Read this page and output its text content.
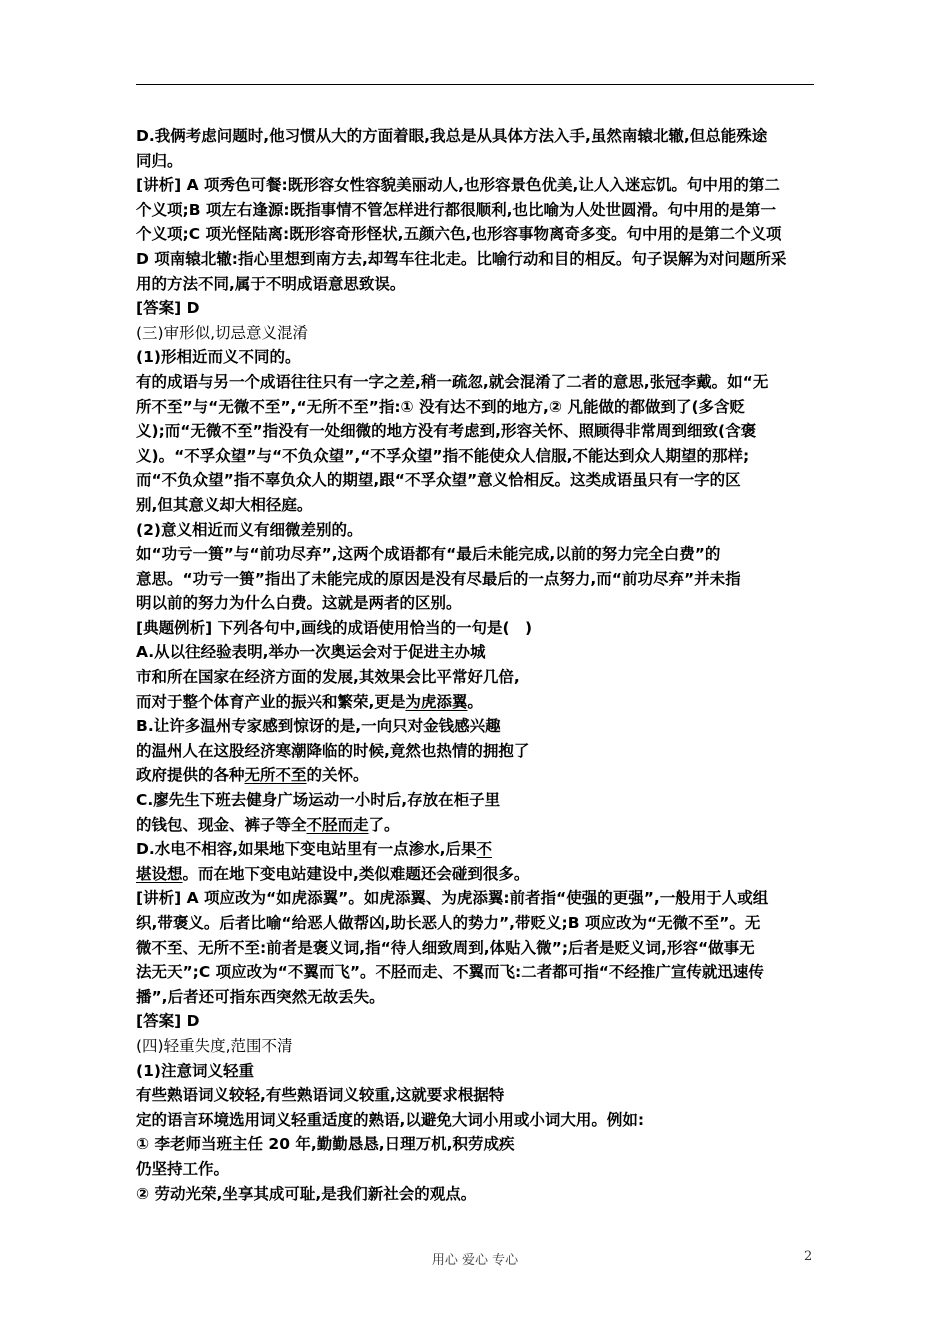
D.我俩考虑问题时,他习惯从大的方面着眼,我总是从具体方法入手,虽然南辕北辙,但总能殊途
同归。
[讲析] A 项秀色可餐:既形容女性容貌美丽动人,也形容景色优美,让人入迷忘饥。句中用的第二
个义项;B 项左右逢源:既指事情不管怎样进行都很顺利,也比喻为人处世圆滑。句中用的是第一
个义项;C 项光怪陆离:既形容奇形怪状,五颜六色,也形容事物离奇多变。句中用的是第二个义项
D 项南辕北辙:指心里想到南方去,却驾车往北走。比喻行动和目的相反。句子误解为对问题所采
用的方法不同,属于不明成语意思致误。
[答案] D
(三)审形似,切忌意义混淆
(1)形相近而义不同的。
有的成语与另一个成语往往只有一字之差,稍一疏忽,就会混淆了二者的意思,张冠李戴。如“无
所不至”与“无微不至”,“无所不至”指:① 没有达不到的地方,② 凡能做的都做到了(多含贬
义);而“无微不至”指没有一处细微的地方没有考虑到,形容关怀、照顾得非常周到细致(含褒
义)。“不孚众望”与“不负众望”,“不孚众望”指不能使众人信服,不能达到众人期望的那样;
而“不负众望”指不辜负众人的期望,跟“不孚众望”意义恰相反。这类成语虽只有一字的区
别,但其意义却大相径庭。
(2)意义相近而义有细微差别的。
如“功亏一篑”与“前功尽弃”,这两个成语都有“最后未能完成,以前的努力完全白费”的
意思。“功亏一篑”指出了未能完成的原因是没有尽最后的一点努力,而“前功尽弃”并未指
明以前的努力为什么白费。这就是两者的区别。
[典题例析] 下列各句中,画线的成语使用恰当的一句是(　)
A.从以往经验表明,举办一次奥运会对于促进主办城
市和所在国家在经济方面的发展,其效果会比平常好几倍,
而对于整个体育产业的振兴和繁荣,更是为虎添翼。
B.让许多温州专家感到惊讶的是,一向只对金钱感兴趣
的温州人在这股经济寒潮降临的时候,竟然也热情的拥抱了
政府提供的各种无所不至的关怀。
C.廖先生下班去健身广场运动一小时后,存放在柜子里
的钱包、现金、裤子等全不胫而走了。
D.水电不相容,如果地下变电站里有一点渗水,后果不
堪设想。而在地下变电站建设中,类似难题还会碰到很多。
[讲析] A 项应改为“如虎添翼”。如虎添翼、为虎添翼:前者指“使强的更强”,一般用于人或组
织,带褒义。后者比喻“给恶人做帮凶,助长恶人的势力”,带贬义;B 项应改为“无微不至”。无
微不至、无所不至:前者是褒义词,指“待人细致周到,体贴入微”;后者是贬义词,形容“做事无
法无天”;C 项应改为“不翼而飞”。不胫而走、不翼而飞:二者都可指“不经推广宣传就迅速传
播”,后者还可指东西突然无故丢失。
[答案] D
(四)轻重失度,范围不清
(1)注意词义轻重
有些熟语词义较轻,有些熟语词义较重,这就要求根据特
定的语言环境选用词义轻重适度的熟语,以避免大词小用或小词大用。例如:
① 李老师当班主任 20 年,勤勤恳恳,日理万机,积劳成疾
仍坚持工作。
② 劳动光荣,坐享其成可耻,是我们新社会的观点。
用心 爱心 专心	2
